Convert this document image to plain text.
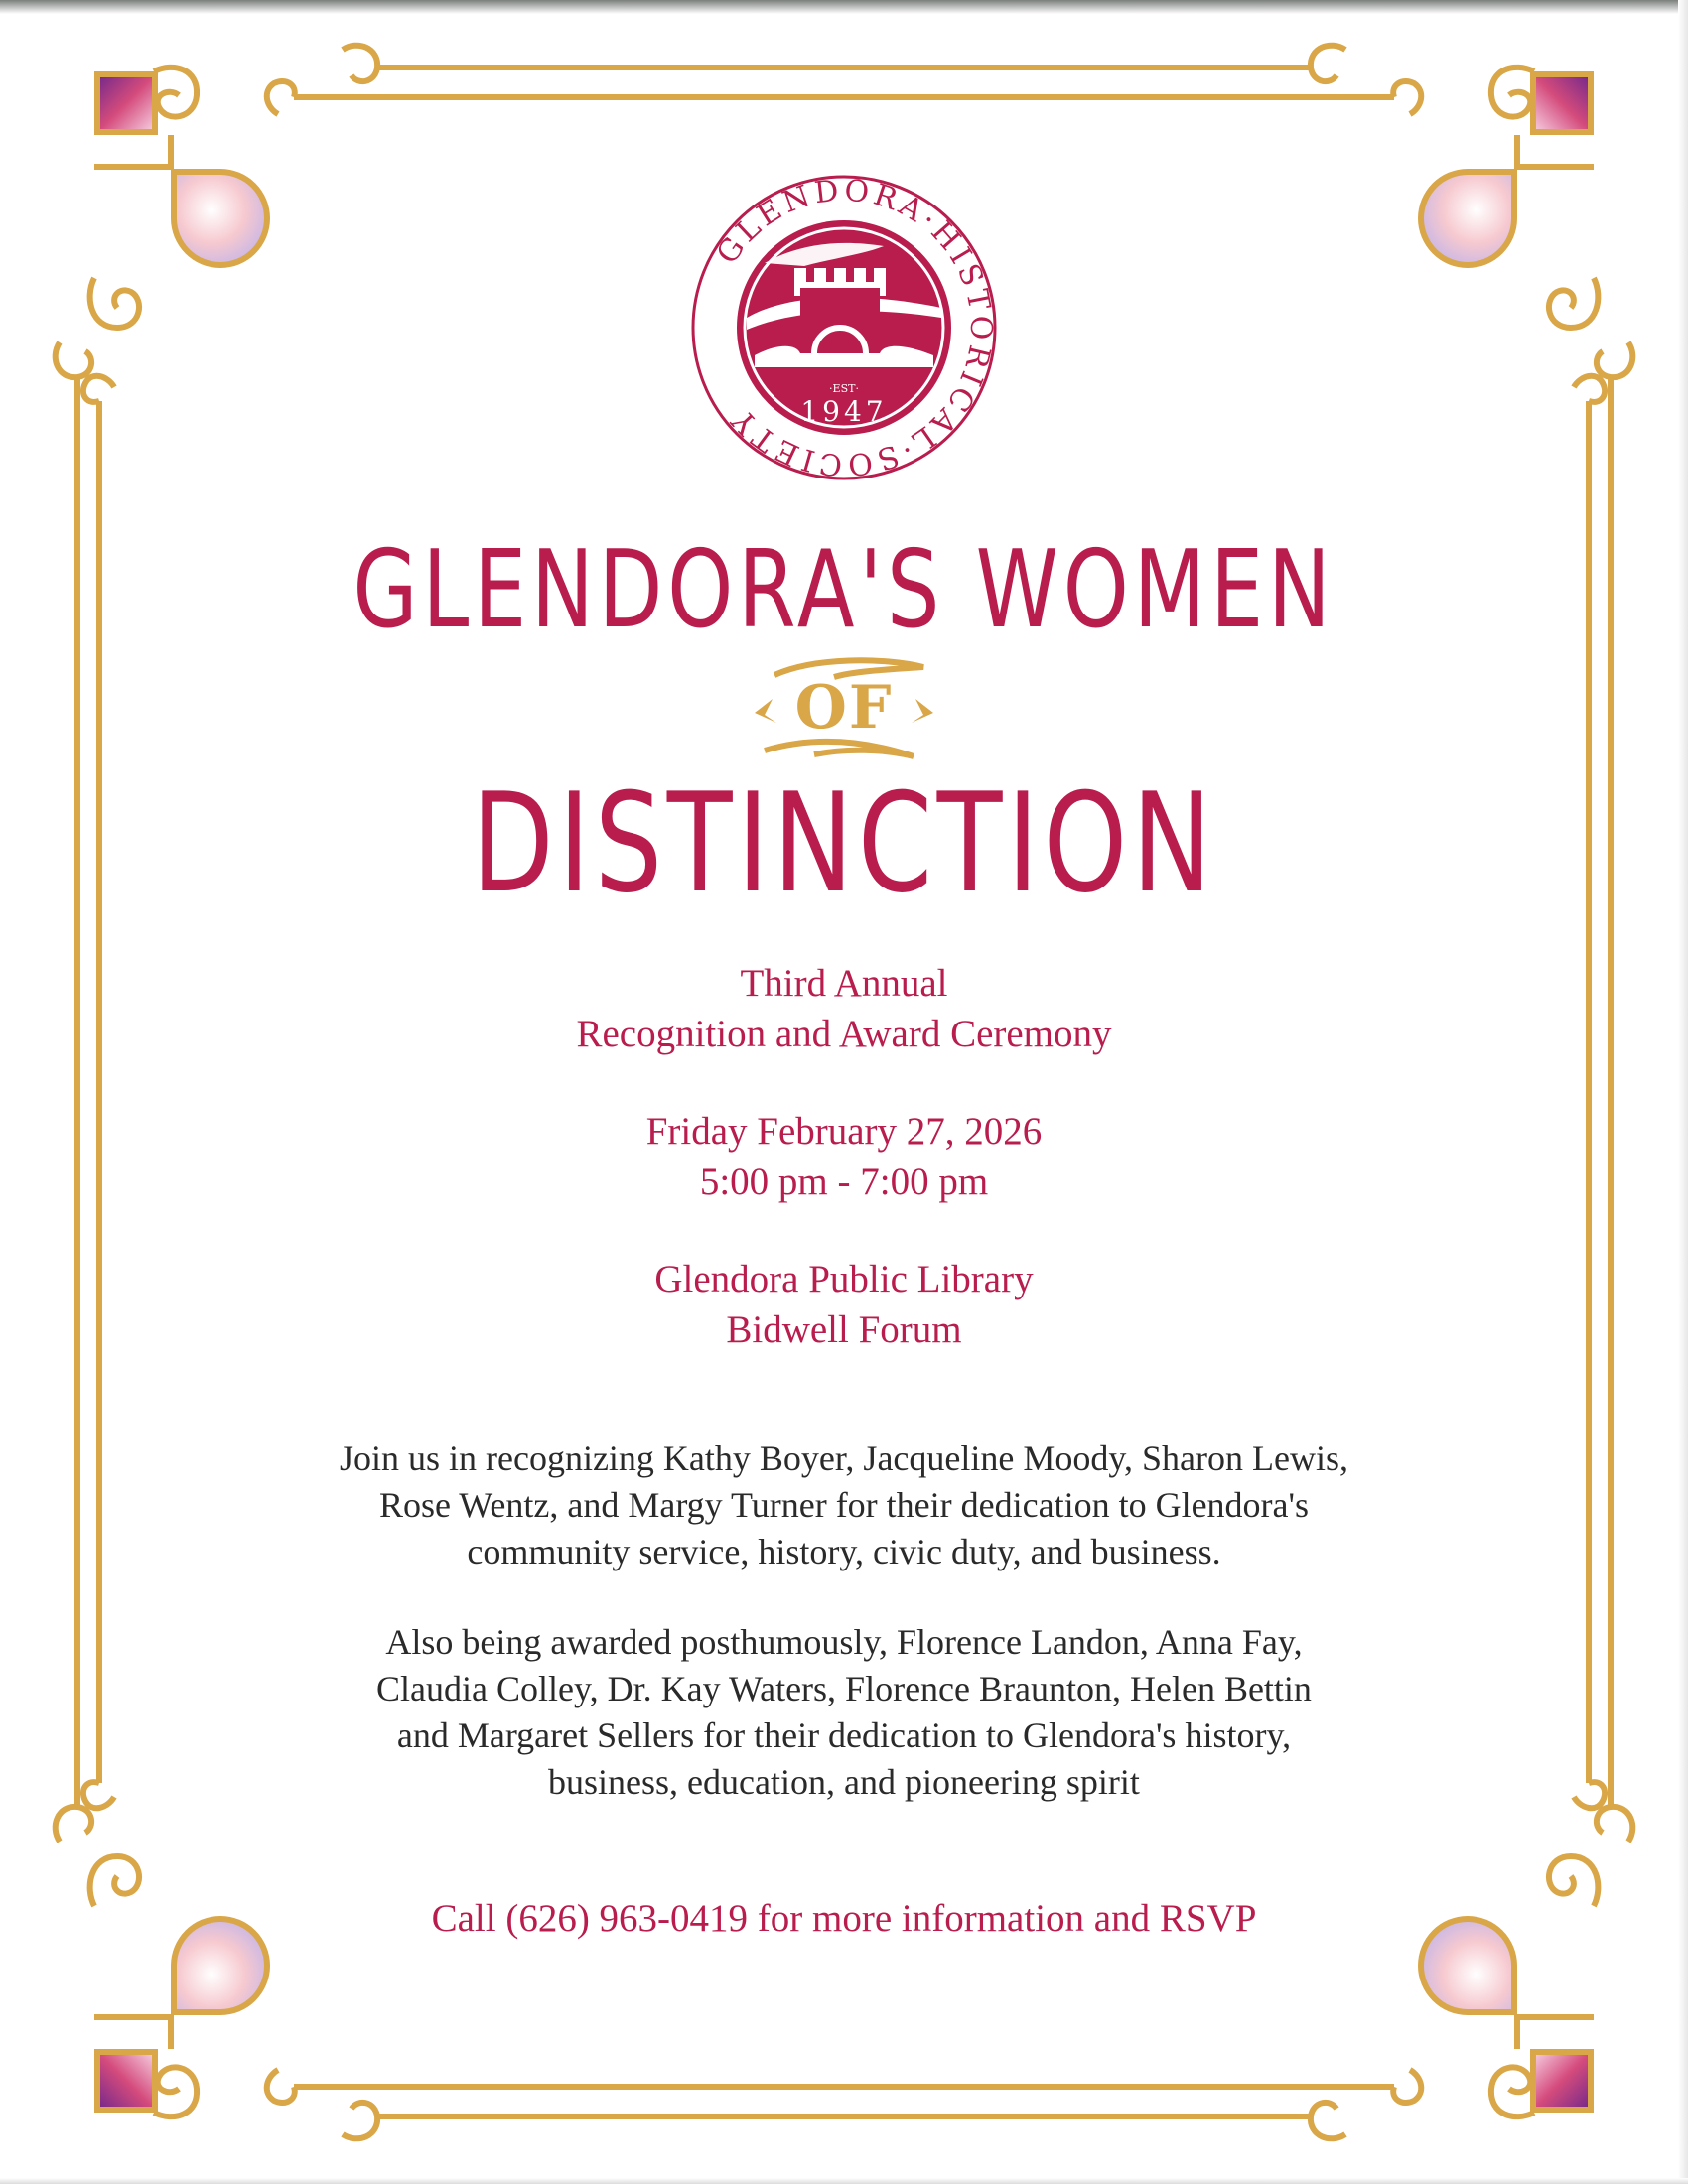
·EST·
1947
GLENDORA·HISTORICAL·SOCIETY
GLENDORA'S WOMEN
OF
DISTINCTION
Third Annual
Recognition and Award Ceremony
Friday February 27, 2026
5:00 pm - 7:00 pm
Glendora Public Library
Bidwell Forum
Join us in recognizing Kathy Boyer, Jacqueline Moody, Sharon Lewis,
Rose Wentz, and Margy Turner for their dedication to Glendora's
community service, history, civic duty, and business.
Also being awarded posthumously, Florence Landon, Anna Fay,
Claudia Colley, Dr. Kay Waters, Florence Braunton, Helen Bettin
and Margaret Sellers for their dedication to Glendora's history,
business, education, and pioneering spirit
Call (626) 963-0419 for more information and RSVP
